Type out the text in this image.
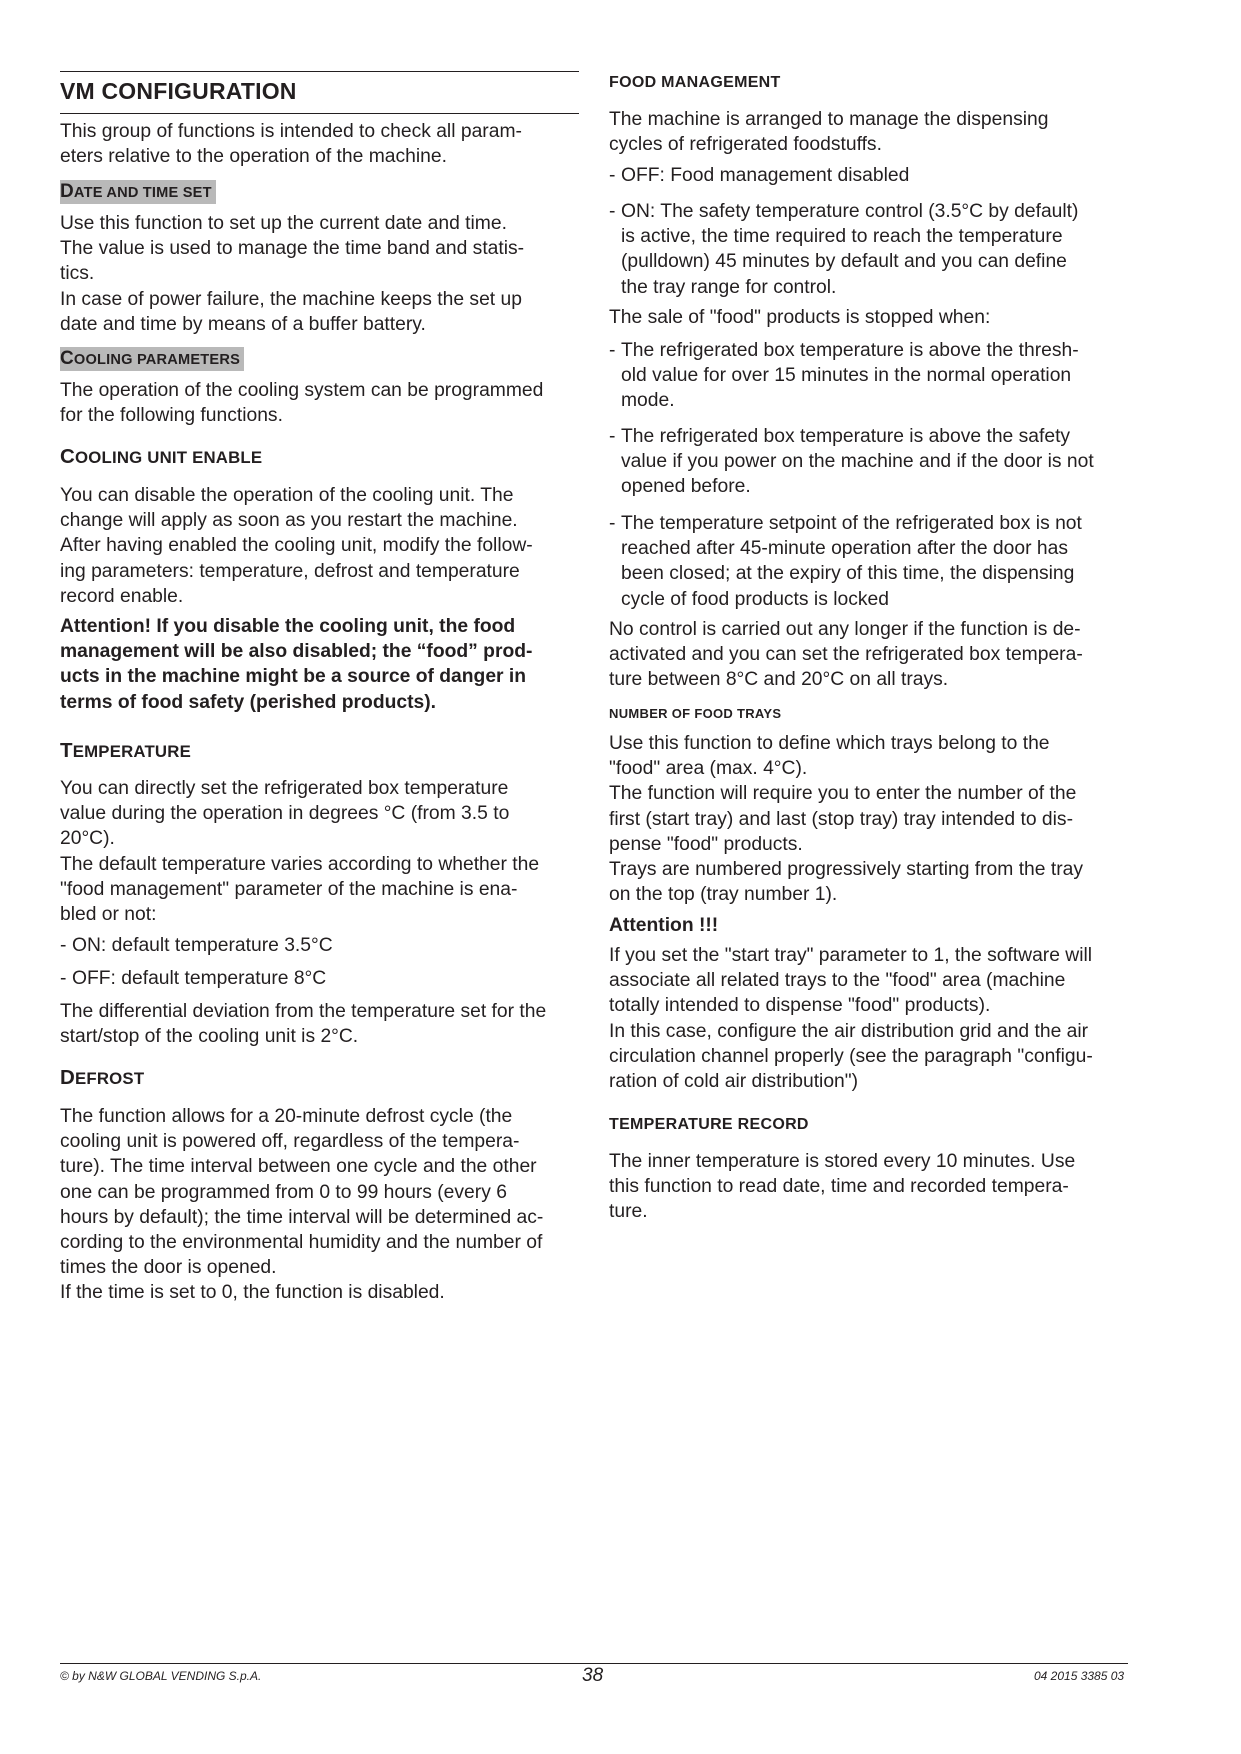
VM CONFIGURATION

This group of functions is intended to check all param-

eters relative to the operation of the machine.

DATE AND TIME SET

Use this function to set up the current date and time.

The value is used to manage the time band and statis-

tics.

In case of power failure, the machine keeps the set up

date and time by means of a buffer battery.

COOLING PARAMETERS

The operation of the cooling system can be programmed

for the following functions.

COOLING UNIT ENABLE

You can disable the operation of the cooling unit. The

change will apply as soon as you restart the machine.

After having enabled the cooling unit, modify the follow-

ing parameters: temperature, defrost and temperature

record enable.

Attention! If you disable the cooling unit, the food

management will be also disabled; the “food” prod-

ucts in the machine might be a source of danger in

terms of food safety (perished products).

TEMPERATURE

You can directly set the refrigerated box temperature

value during the operation in degrees °C (from 3.5 to

20°C).

The default temperature varies according to whether the

"food management" parameter of the machine is ena-

bled or not:

- ON: default temperature 3.5°C

- OFF: default temperature 8°C

The differential deviation from the temperature set for the

start/stop of the cooling unit is 2°C.

DEFROST

The function allows for a 20-minute defrost cycle (the

cooling unit is powered off, regardless of the tempera-

ture). The time interval between one cycle and the other

one can be programmed from 0 to 99 hours (every 6

hours by default); the time interval will be determined ac-

cording to the environmental humidity and the number of

times the door is opened.

If the time is set to 0, the function is disabled.

FOOD MANAGEMENT

The machine is arranged to manage the dispensing

cycles of refrigerated foodstuffs.

- OFF: Food management disabled

- ON: The safety temperature control (3.5°C by default)

is active, the time required to reach the temperature

(pulldown) 45 minutes by default and you can define

the tray range for control.

The sale of "food" products is stopped when:

- The refrigerated box temperature is above the thresh-

old value for over 15 minutes in the normal operation

mode.

- The refrigerated box temperature is above the safety

value if you power on the machine and if the door is not

opened before.

- The temperature setpoint of the refrigerated box is not

reached after 45-minute operation after the door has

been closed; at the expiry of this time, the dispensing

cycle of food products is locked

No control is carried out any longer if the function is de-

activated and you can set the refrigerated box tempera-

ture between 8°C and 20°C on all trays.

NUMBER OF FOOD TRAYS

Use this function to define which trays belong to the

"food" area (max. 4°C).

The function will require you to enter the number of the

first (start tray) and last (stop tray) tray intended to dis-

pense "food" products.

Trays are numbered progressively starting from the tray

on the top (tray number 1).

Attention !!!

If you set the "start tray" parameter to 1, the software will

associate all related trays to the "food" area (machine

totally intended to dispense "food" products).

In this case, configure the air distribution grid and the air

circulation channel properly (see the paragraph "configu-

ration of cold air distribution")

TEMPERATURE RECORD

The inner temperature is stored every 10 minutes. Use

this function to read date, time and recorded tempera-

ture.

© by N&W GLOBAL VENDING S.p.A.	38	04 2015 3385 03
